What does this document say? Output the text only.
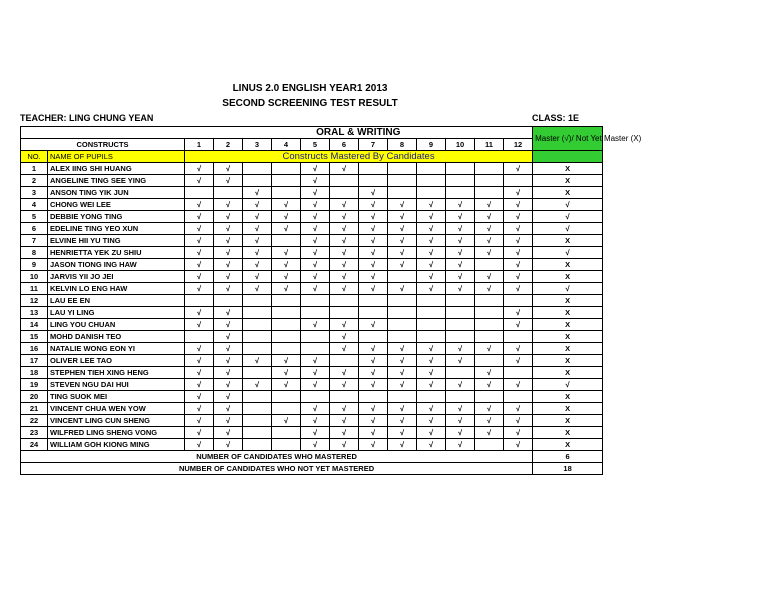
LINUS 2.0 ENGLISH YEAR1 2013
SECOND SCREENING TEST RESULT
TEACHER: LING CHUNG YEAN	CLASS: 1E
		ORAL & WRITING												Master (√)/ Not Yet Master (X)
CONSTRUCTS		1	2	3	4	5	6	7	8	9	10	11	12	
NO.	NAME OF PUPILS	Constructs Mastered By Candidates												
1	ALEX IING SHI HUANG	√	√			√	√						√	X
2	ANGELINE TING SEE YING	√	√			√								X
3	ANSON TING YIK JUN			√		√		√					√	X
4	CHONG WEI LEE	√	√	√	√	√	√	√	√	√	√	√	√	√
5	DEBBIE YONG TING	√	√	√	√	√	√	√	√	√	√	√	√	√
6	EDELINE TING YEO XUN	√	√	√	√	√	√	√	√	√	√	√	√	√
7	ELVINE HII YU TING	√	√	√		√	√	√	√	√	√	√	√	X
8	HENRIETTA YEK ZU SHIU	√	√	√	√	√	√	√	√	√	√	√	√	√
9	JASON TIONG ING HAW	√	√	√	√	√	√	√	√	√	√		√	X
10	JARVIS YII JO JEI	√	√	√	√	√	√	√		√	√	√	√	X
11	KELVIN LO ENG HAW	√	√	√	√	√	√	√	√	√	√	√	√	√
12	LAU EE EN													X
13	LAU YI LING	√	√										√	X
14	LING YOU CHUAN	√	√			√	√	√					√	X
15	MOHD DANISH TEO		√				√							X
16	NATALIE WONG EON YI	√	√				√	√	√	√	√	√	√	X
17	OLIVER LEE TAO	√	√	√	√	√		√	√	√	√		√	X
18	STEPHEN TIEH XING HENG	√	√		√	√	√	√	√	√		√		X
19	STEVEN NGU DAI HUI	√	√	√	√	√	√	√	√	√	√	√	√	√
20	TING SUOK MEI	√	√											X
21	VINCENT CHUA WEN YOW	√	√			√	√	√	√	√	√	√	√	X
22	VINCENT LING CUN SHENG	√	√		√	√	√	√	√	√	√	√	√	X
23	WILFRED LING SHENG VONG	√	√			√	√	√	√	√	√	√	√	X
24	WILLIAM GOH KIONG MING	√	√			√	√	√	√	√	√		√	X
NUMBER OF CANDIDATES WHO MASTERED														6
NUMBER OF CANDIDATES WHO NOT YET MASTERED														18
